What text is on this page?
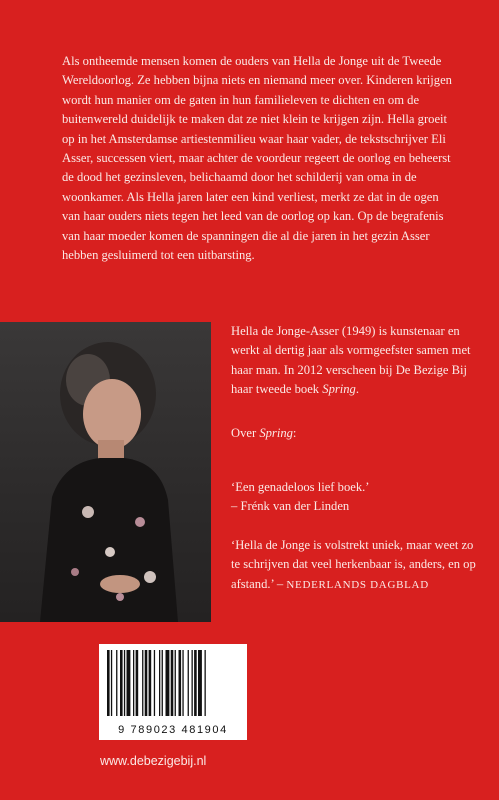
Als ontheemde mensen komen de ouders van Hella de Jonge uit de Tweede Wereldoorlog. Ze hebben bijna niets en niemand meer over. Kinderen krijgen wordt hun manier om de gaten in hun familieleven te dichten en om de buitenwereld duidelijk te maken dat ze niet klein te krijgen zijn. Hella groeit op in het Amsterdamse artiestenmilieu waar haar vader, de tekstschrijver Eli Asser, successen viert, maar achter de voordeur regeert de oorlog en beheerst de dood het gezinsleven, belichaamd door het schilderij van oma in de woonkamer. Als Hella jaren later een kind verliest, merkt ze dat in de ogen van haar ouders niets tegen het leed van de oorlog op kan. Op de begrafenis van haar moeder komen de spanningen die al die jaren in het gezin Asser hebben gesluimerd tot een uitbarsting.

Hella de Jonge-Asser (1949) is kunstenaar en werkt al dertig jaar als vormgeefster samen met haar man. In 2012 verscheen bij De Bezige Bij haar tweede boek Spring.

Over Spring:

‘Een genadeloos lief boek.’
– Frénk van der Linden

‘Hella de Jonge is volstrekt uniek, maar weet zo te schrijven dat veel herkenbaar is, anders, en op afstand.’ – NEDERLANDS DAGBLAD

9 789023 481904
www.debezigebij.nl
